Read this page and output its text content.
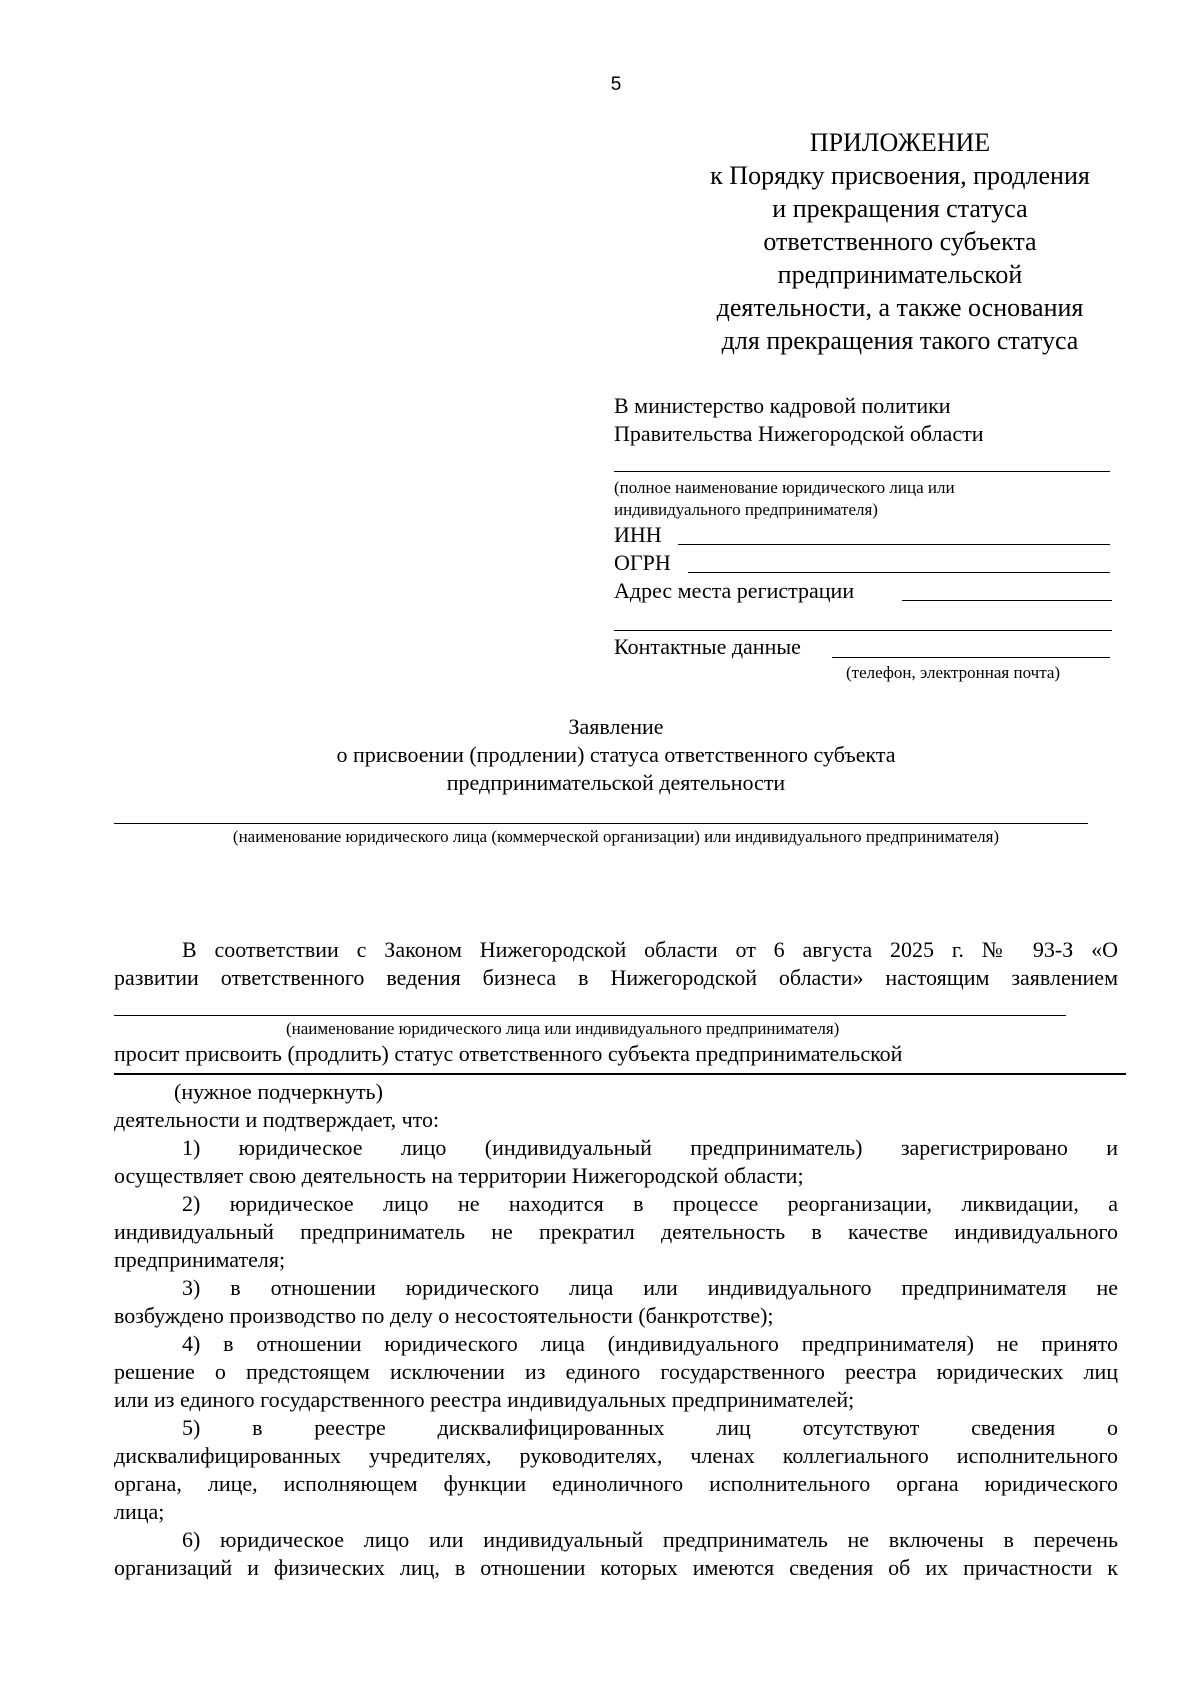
5
ПРИЛОЖЕНИЕ
к Порядку присвоения, продления
и прекращения статуса
ответственного субъекта
предпринимательской
деятельности, а также основания
для прекращения такого статуса
В министерство кадровой политики
Правительства Нижегородской области
(полное наименование юридического лица или
индивидуального предпринимателя)
ИНН
ОГРН
Адрес места регистрации
Контактные данные
(телефон, электронная почта)
Заявление
о присвоении (продлении) статуса ответственного субъекта
предпринимательской деятельности
(наименование юридического лица (коммерческой организации) или индивидуального предпринимателя)
В соответствии с Законом Нижегородской области от 6 августа 2025 г. № 93-З «О
развитии ответственного ведения бизнеса в Нижегородской области» настоящим заявлением
(наименование юридического лица или индивидуального предпринимателя)
просит присвоить (продлить) статус ответственного субъекта предпринимательской
(нужное подчеркнуть)
деятельности и подтверждает, что:
1) юридическое лицо (индивидуальный предприниматель) зарегистрировано и
осуществляет свою деятельность на территории Нижегородской области;
2) юридическое лицо не находится в процессе реорганизации, ликвидации, а
индивидуальный предприниматель не прекратил деятельность в качестве индивидуального
предпринимателя;
3) в отношении юридического лица или индивидуального предпринимателя не
возбуждено производство по делу о несостоятельности (банкротстве);
4) в отношении юридического лица (индивидуального предпринимателя) не принято
решение о предстоящем исключении из единого государственного реестра юридических лиц
или из единого государственного реестра индивидуальных предпринимателей;
5) в реестре дисквалифицированных лиц отсутствуют сведения о
дисквалифицированных учредителях, руководителях, членах коллегиального исполнительного
органа, лице, исполняющем функции единоличного исполнительного органа юридического
лица;
6) юридическое лицо или индивидуальный предприниматель не включены в перечень
организаций и физических лиц, в отношении которых имеются сведения об их причастности к
